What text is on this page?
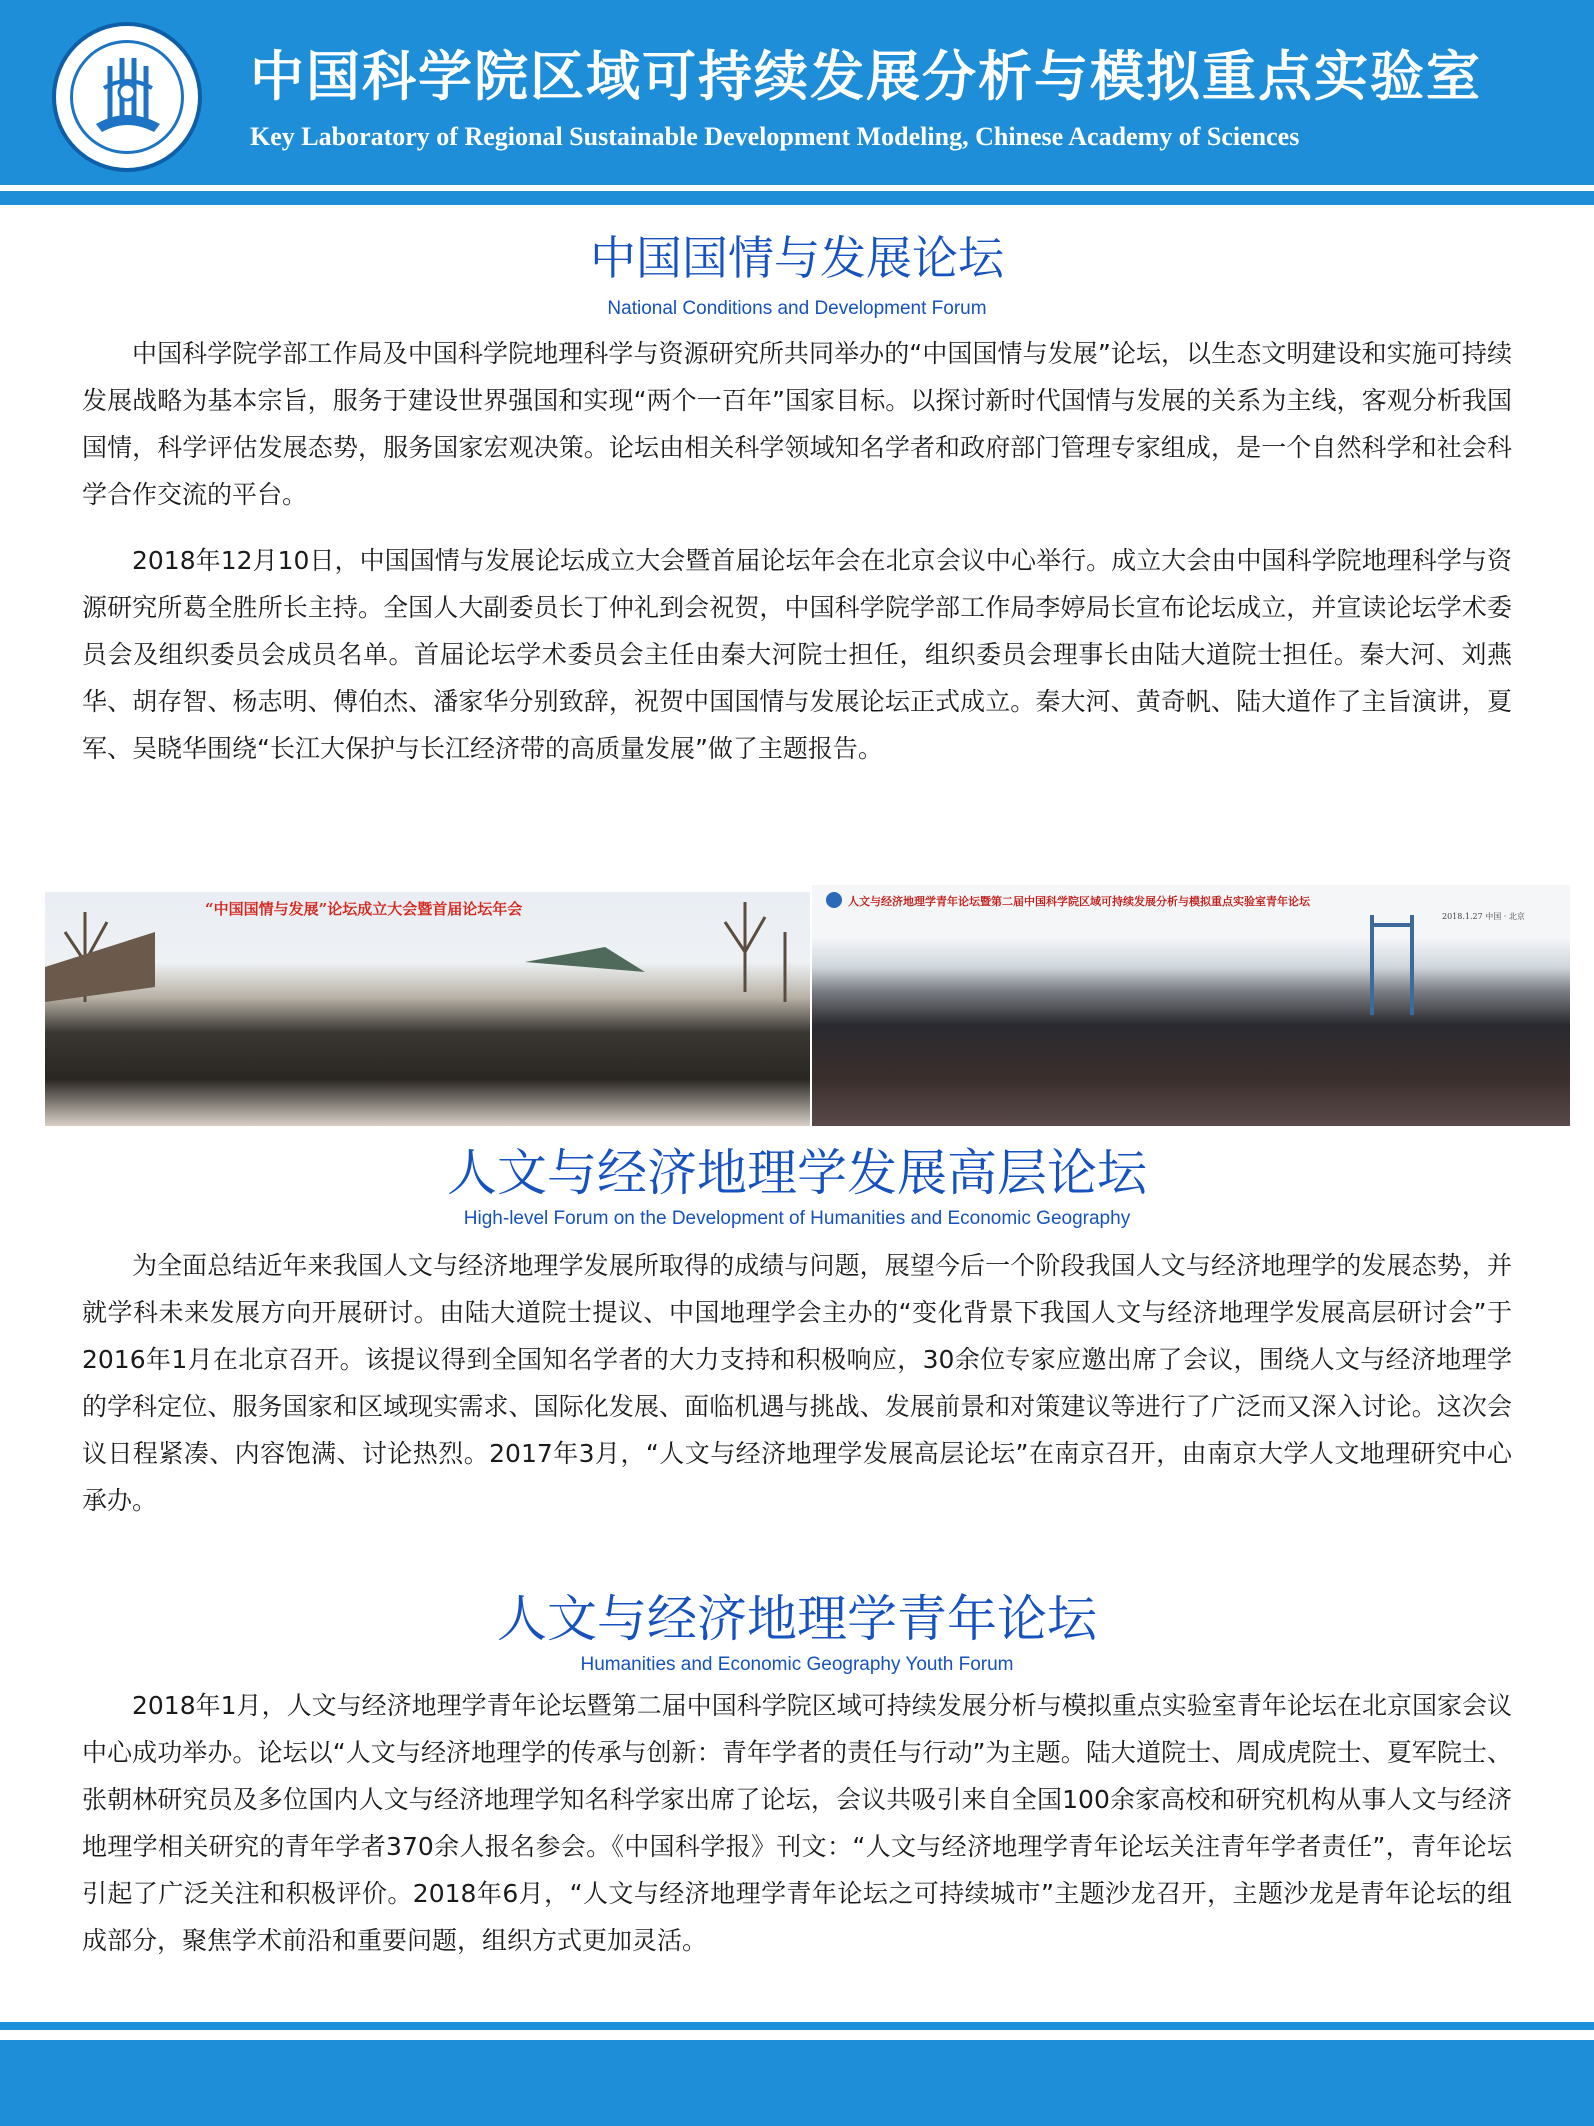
中国科学院区域可持续发展分析与模拟重点实验室
Key Laboratory of Regional Sustainable Development Modeling, Chinese Academy of Sciences
中国国情与发展论坛
National Conditions and Development Forum

中国科学院学部工作局及中国科学院地理科学与资源研究所共同举办的“中国国情与发展”论坛，以生态文明建设和实施可持续发展战略为基本宗旨，服务于建设世界强国和实现“两个一百年”国家目标。以探讨新时代国情与发展的关系为主线，客观分析我国国情，科学评估发展态势，服务国家宏观决策。论坛由相关科学领域知名学者和政府部门管理专家组成，是一个自然科学和社会科学合作交流的平台。

2018年12月10日，中国国情与发展论坛成立大会暨首届论坛年会在北京会议中心举行。成立大会由中国科学院地理科学与资源研究所葛全胜所长主持。全国人大副委员长丁仲礼到会祝贺，中国科学院学部工作局李婷局长宣布论坛成立，并宣读论坛学术委员会及组织委员会成员名单。首届论坛学术委员会主任由秦大河院士担任，组织委员会理事长由陆大道院士担任。秦大河、刘燕华、胡存智、杨志明、傅伯杰、潘家华分别致辞，祝贺中国国情与发展论坛正式成立。秦大河、黄奇帆、陆大道作了主旨演讲，夏军、吴晓华围绕“长江大保护与长江经济带的高质量发展”做了主题报告。

“中国国情与发展”论坛成立大会暨首届论坛年会	人文与经济地理学青年论坛暨第二届中国科学院区域可持续发展分析与模拟重点实验室青年论坛
2018.1.27 中国 · 北京
人文与经济地理学发展高层论坛
High-level Forum on the Development of Humanities and Economic Geography

为全面总结近年来我国人文与经济地理学发展所取得的成绩与问题，展望今后一个阶段我国人文与经济地理学的发展态势，并就学科未来发展方向开展研讨。由陆大道院士提议、中国地理学会主办的“变化背景下我国人文与经济地理学发展高层研讨会”于2016年1月在北京召开。该提议得到全国知名学者的大力支持和积极响应，30余位专家应邀出席了会议，围绕人文与经济地理学的学科定位、服务国家和区域现实需求、国际化发展、面临机遇与挑战、发展前景和对策建议等进行了广泛而又深入讨论。这次会议日程紧凑、内容饱满、讨论热烈。2017年3月，“人文与经济地理学发展高层论坛”在南京召开，由南京大学人文地理研究中心承办。

人文与经济地理学青年论坛
Humanities and Economic Geography Youth Forum

2018年1月，人文与经济地理学青年论坛暨第二届中国科学院区域可持续发展分析与模拟重点实验室青年论坛在北京国家会议中心成功举办。论坛以“人文与经济地理学的传承与创新：青年学者的责任与行动”为主题。陆大道院士、周成虎院士、夏军院士、张朝林研究员及多位国内人文与经济地理学知名科学家出席了论坛，会议共吸引来自全国100余家高校和研究机构从事人文与经济地理学相关研究的青年学者370余人报名参会。《中国科学报》刊文：“人文与经济地理学青年论坛关注青年学者责任”，青年论坛引起了广泛关注和积极评价。2018年6月，“人文与经济地理学青年论坛之可持续城市”主题沙龙召开，主题沙龙是青年论坛的组成部分，聚焦学术前沿和重要问题，组织方式更加灵活。
